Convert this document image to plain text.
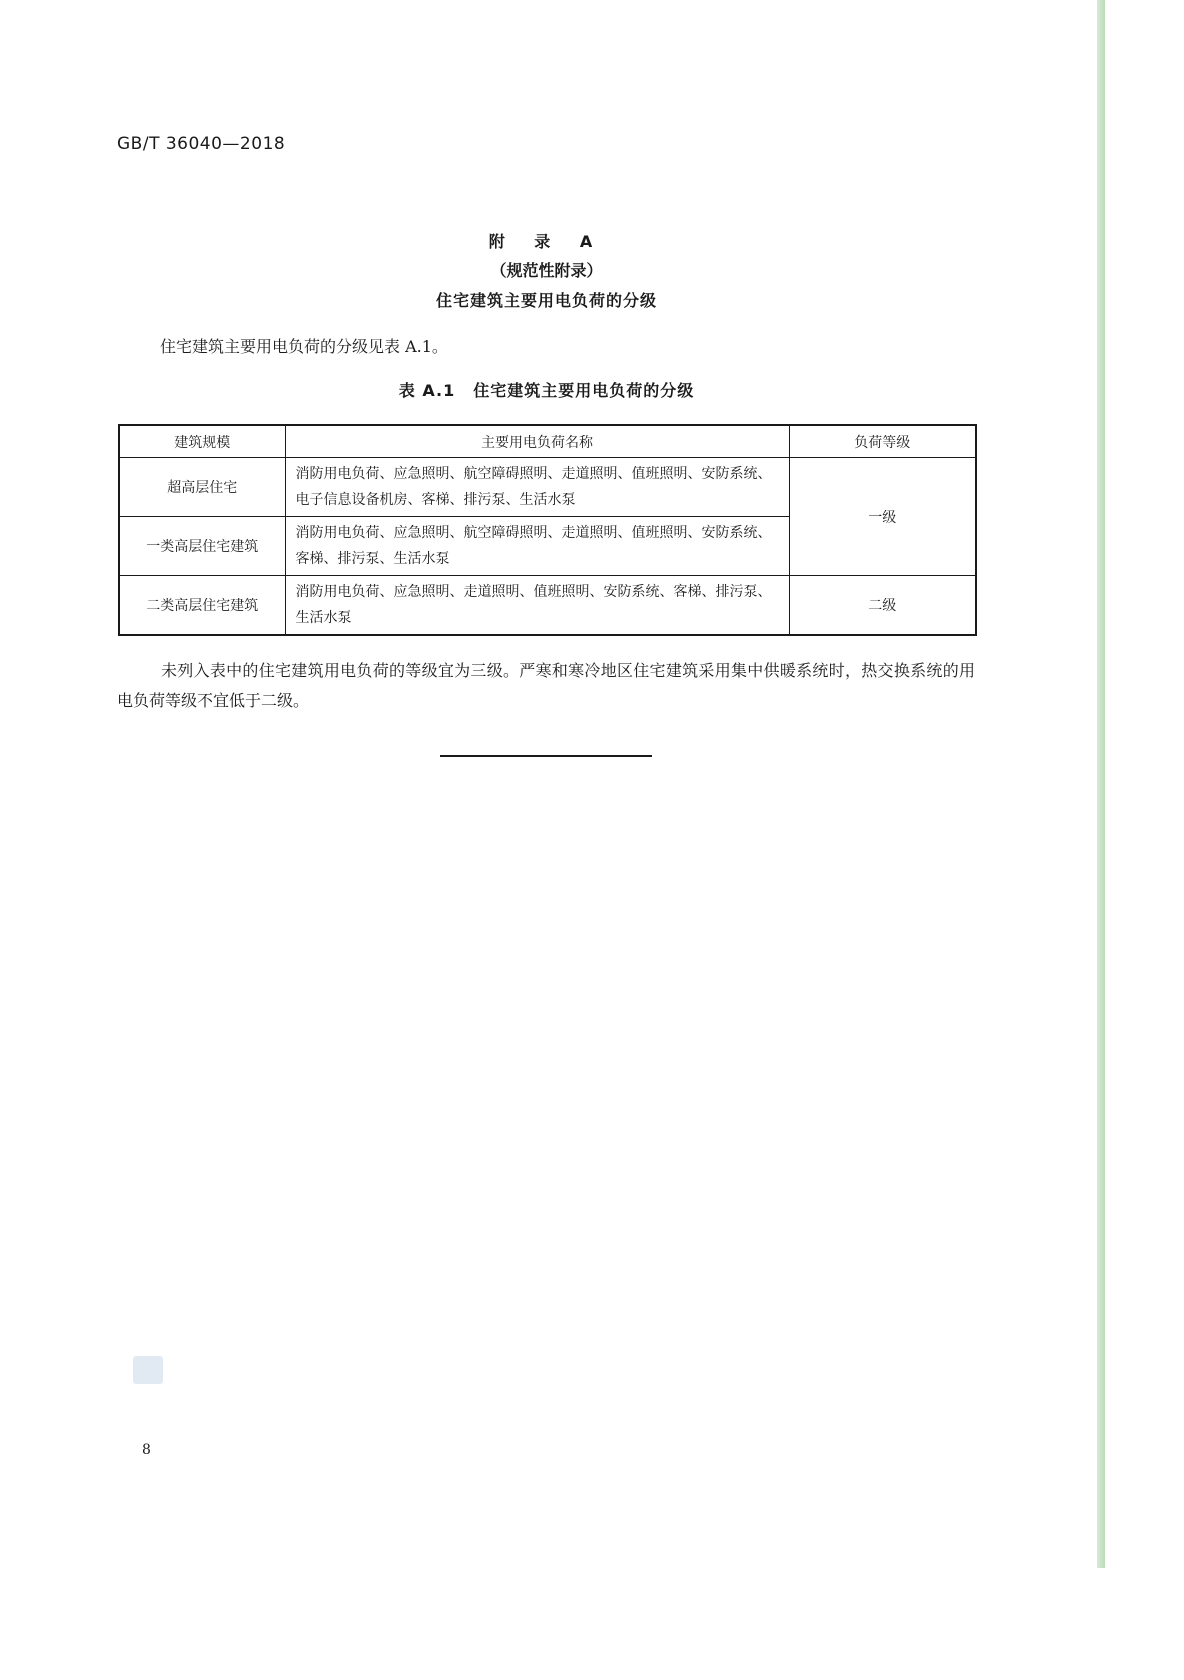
GB/T 36040—2018
附 录 A
（规范性附录）
住宅建筑主要用电负荷的分级
住宅建筑主要用电负荷的分级见表 A.1。
表 A.1 住宅建筑主要用电负荷的分级
建筑规模	主要用电负荷名称	负荷等级
超高层住宅	消防用电负荷、应急照明、航空障碍照明、走道照明、值班照明、安防系统、电子信息设备机房、客梯、排污泵、生活水泵	一级
一类高层住宅建筑	消防用电负荷、应急照明、航空障碍照明、走道照明、值班照明、安防系统、客梯、排污泵、生活水泵	
二类高层住宅建筑	消防用电负荷、应急照明、走道照明、值班照明、安防系统、客梯、排污泵、生活水泵	二级
未列入表中的住宅建筑用电负荷的等级宜为三级。严寒和寒冷地区住宅建筑采用集中供暖系统时，热交换系统的用电负荷等级不宜低于二级。
8
